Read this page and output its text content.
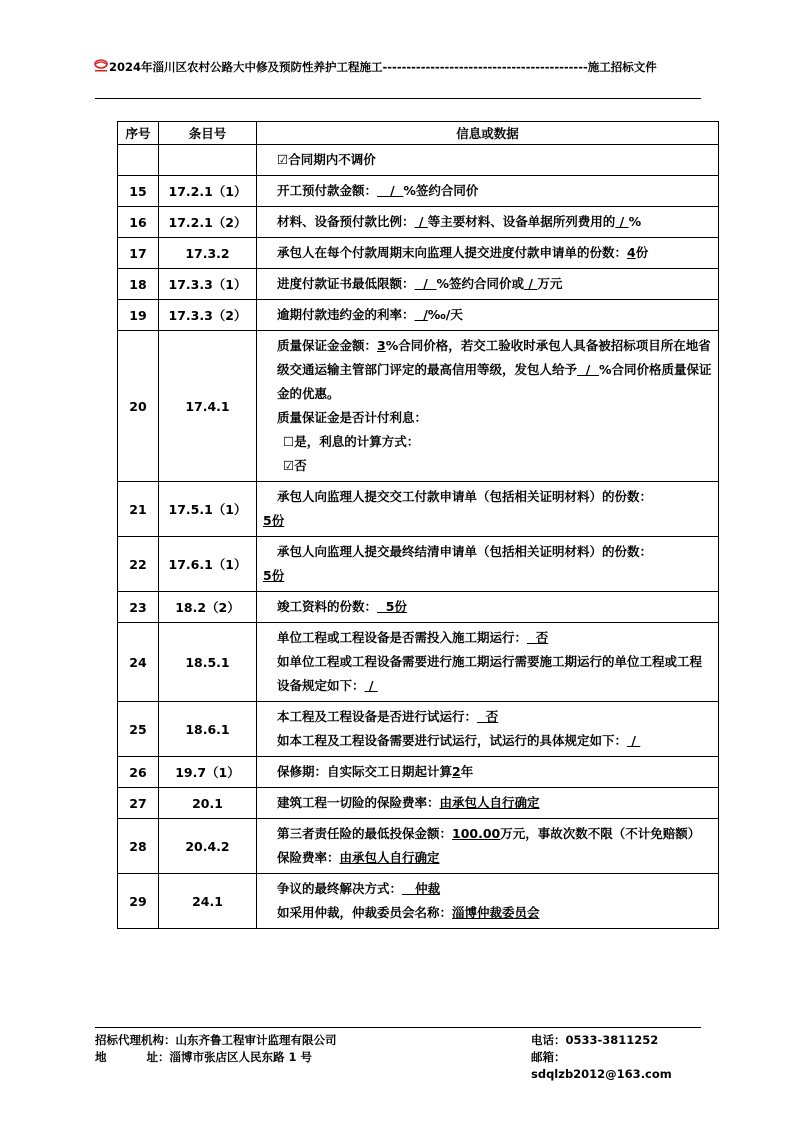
2024年淄川区农村公路大中修及预防性养护工程施工-------------------------------------------施工招标文件
序号	条目号	信息或数据

		☑合同期内不调价

15	17.2.1（1）	开工预付款金额：   /  %签约合同价

16	17.2.1（2）	材料、设备预付款比例： / 等主要材料、设备单据所列费用的 / %

17	17.3.2	承包人在每个付款周期末向监理人提交进度付款申请单的份数：4份

18	17.3.3（1）	进度付款证书最低限额：  /  %签约合同价或 / 万元

19	17.3.3（2）	逾期付款违约金的利率：  /‰/天

20	17.4.1	质量保证金金额：3%合同价格，若交工验收时承包人具备被招标项目所在地省级交通运输主管部门评定的最高信用等级，发包人给予  /  %合同价格质量保证金的优惠。
质量保证金是否计付利息：
☐是，利息的计算方式：
☑否

21	17.5.1（1）	承包人向监理人提交交工付款申请单（包括相关证明材料）的份数：
5份

22	17.6.1（1）	承包人向监理人提交最终结清申请单（包括相关证明材料）的份数：
5份

23	18.2（2）	竣工资料的份数：  5份

24	18.5.1	单位工程或工程设备是否需投入施工期运行：  否
如单位工程或工程设备需要进行施工期运行需要施工期运行的单位工程或工程设备规定如下： /

25	18.6.1	本工程及工程设备是否进行试运行：  否
如本工程及工程设备需要进行试运行，试运行的具体规定如下： /

26	19.7（1）	保修期：自实际交工日期起计算2年

27	20.1	建筑工程一切险的保险费率：由承包人自行确定

28	20.4.2	第三者责任险的最低投保金额：100.00万元，事故次数不限（不计免赔额）
保险费率：由承包人自行确定

29	24.1	争议的最终解决方式：   仲裁
如采用仲裁，仲裁委员会名称：淄博仲裁委员会
招标代理机构：山东齐鲁工程审计监理有限公司	电话：0533-3811252
地          址：淄博市张店区人民东路 1 号	邮箱：sdqlzb2012@163.com
